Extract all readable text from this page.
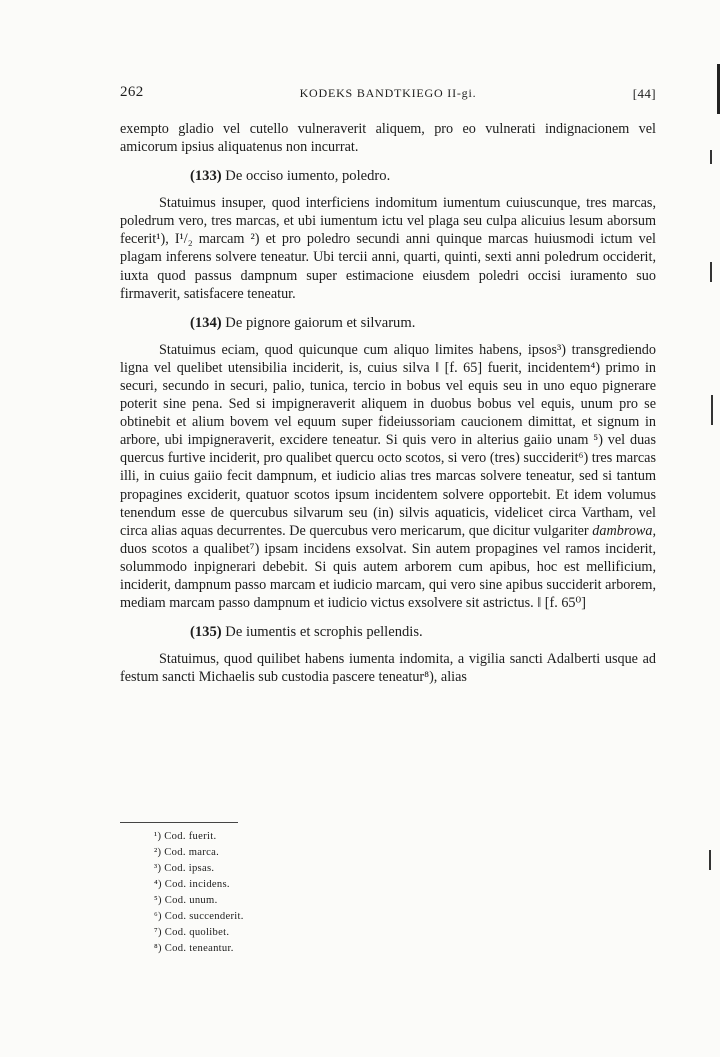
262	KODEKS BANDTKIEGO II-gi.	[44]

exempto gladio vel cutello vulneraverit aliquem, pro eo vulnerati indignacionem vel amicorum ipsius aliquatenus non incurrat.

(133) De occiso iumento, poledro.

Statuimus insuper, quod interficiens indomitum iumentum cuiuscunque, tres marcas, poledrum vero, tres marcas, et ubi iumentum ictu vel plaga seu culpa alicuius lesum aborsum fecerit¹), I¹/₂ marcam ²) et pro poledro secundi anni quinque marcas huiusmodi ictum vel plagam inferens solvere teneatur. Ubi tercii anni, quarti, quinti, sexti anni poledrum occiderit, iuxta quod passus dampnum super estimacione eiusdem poledri occisi iuramento suo firmaverit, satisfacere teneatur.

(134) De pignore gaiorum et silvarum.

Statuimus eciam, quod quicunque cum aliquo limites habens, ipsos³) transgrediendo ligna vel quelibet utensibilia inciderit, is, cuius silva ‖ [f. 65] fuerit, incidentem⁴) primo in securi, secundo in securi, palio, tunica, tercio in bobus vel equis seu in uno equo pignerare poterit sine pena. Sed si impigneraverit aliquem in duobus bobus vel equis, unum pro se obtinebit et alium bovem vel equum super fideiussoriam caucionem dimittat, et signum in arbore, ubi impigneraverit, excidere teneatur. Si quis vero in alterius gaiio unam ⁵) vel duas quercus furtive inciderit, pro qualibet quercu octo scotos, si vero (tres) succiderit⁶) tres marcas illi, in cuius gaiio fecit dampnum, et iudicio alias tres marcas solvere teneatur, sed si tantum propagines exciderit, quatuor scotos ipsum incidentem solvere opportebit. Et idem volumus tenendum esse de quercubus silvarum seu (in) silvis aquaticis, videlicet circa Vartham, vel circa alias aquas decurrentes. De quercubus vero mericarum, que dicitur vulgariter dambrowa, duos scotos a qualibet⁷) ipsam incidens exsolvat. Sin autem propagines vel ramos inciderit, solummodo inpignerari debebit. Si quis autem arborem cum apibus, hoc est mellificium, inciderit, dampnum passo marcam et iudicio marcam, qui vero sine apibus succiderit arborem, mediam marcam passo dampnum et iudicio victus exsolvere sit astrictus. ‖ [f. 65⁰]

(135) De iumentis et scrophis pellendis.

Statuimus, quod quilibet habens iumenta indomita, a vigilia sancti Adalberti usque ad festum sancti Michaelis sub custodia pascere teneatur⁸), alias

¹) Cod. fuerit.
²) Cod. marca.
³) Cod. ipsas.
⁴) Cod. incidens.
⁵) Cod. unum.
⁶) Cod. succenderit.
⁷) Cod. quolibet.
⁸) Cod. teneantur.
